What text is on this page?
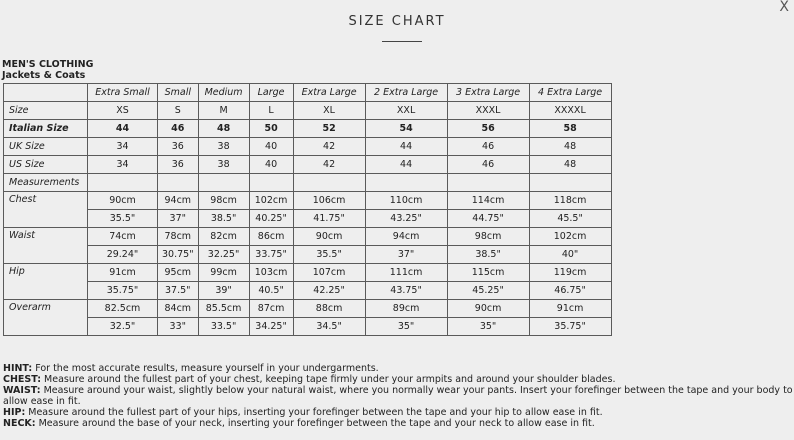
SIZE CHART
X
MEN'S CLOTHING
Jackets & Coats
	Extra Small	Small	Medium	Large	Extra Large	2 Extra Large	3 Extra Large	4 Extra Large
Size	XS	S	M	L	XL	XXL	XXXL	XXXXL
Italian Size	44	46	48	50	52	54	56	58
UK Size	34	36	38	40	42	44	46	48
US Size	34	36	38	40	42	44	46	48
Measurements								
Chest	90cm	94cm	98cm	102cm	106cm	110cm	114cm	118cm
	35.5"	37"	38.5"	40.25"	41.75"	43.25"	44.75"	45.5"
Waist	74cm	78cm	82cm	86cm	90cm	94cm	98cm	102cm
	29.24"	30.75"	32.25"	33.75"	35.5"	37"	38.5"	40"
Hip	91cm	95cm	99cm	103cm	107cm	111cm	115cm	119cm
	35.75"	37.5"	39"	40.5"	42.25"	43.75"	45.25"	46.75"
Overarm	82.5cm	84cm	85.5cm	87cm	88cm	89cm	90cm	91cm
	32.5"	33"	33.5"	34.25"	34.5"	35"	35"	35.75"
HINT: For the most accurate results, measure yourself in your undergarments.
CHEST: Measure around the fullest part of your chest, keeping tape firmly under your armpits and around your shoulder blades.
WAIST: Measure around your waist, slightly below your natural waist, where you normally wear your pants. Insert your forefinger between the tape and your body to allow ease in fit.
HIP: Measure around the fullest part of your hips, inserting your forefinger between the tape and your hip to allow ease in fit.
NECK: Measure around the base of your neck, inserting your forefinger between the tape and your neck to allow ease in fit.
